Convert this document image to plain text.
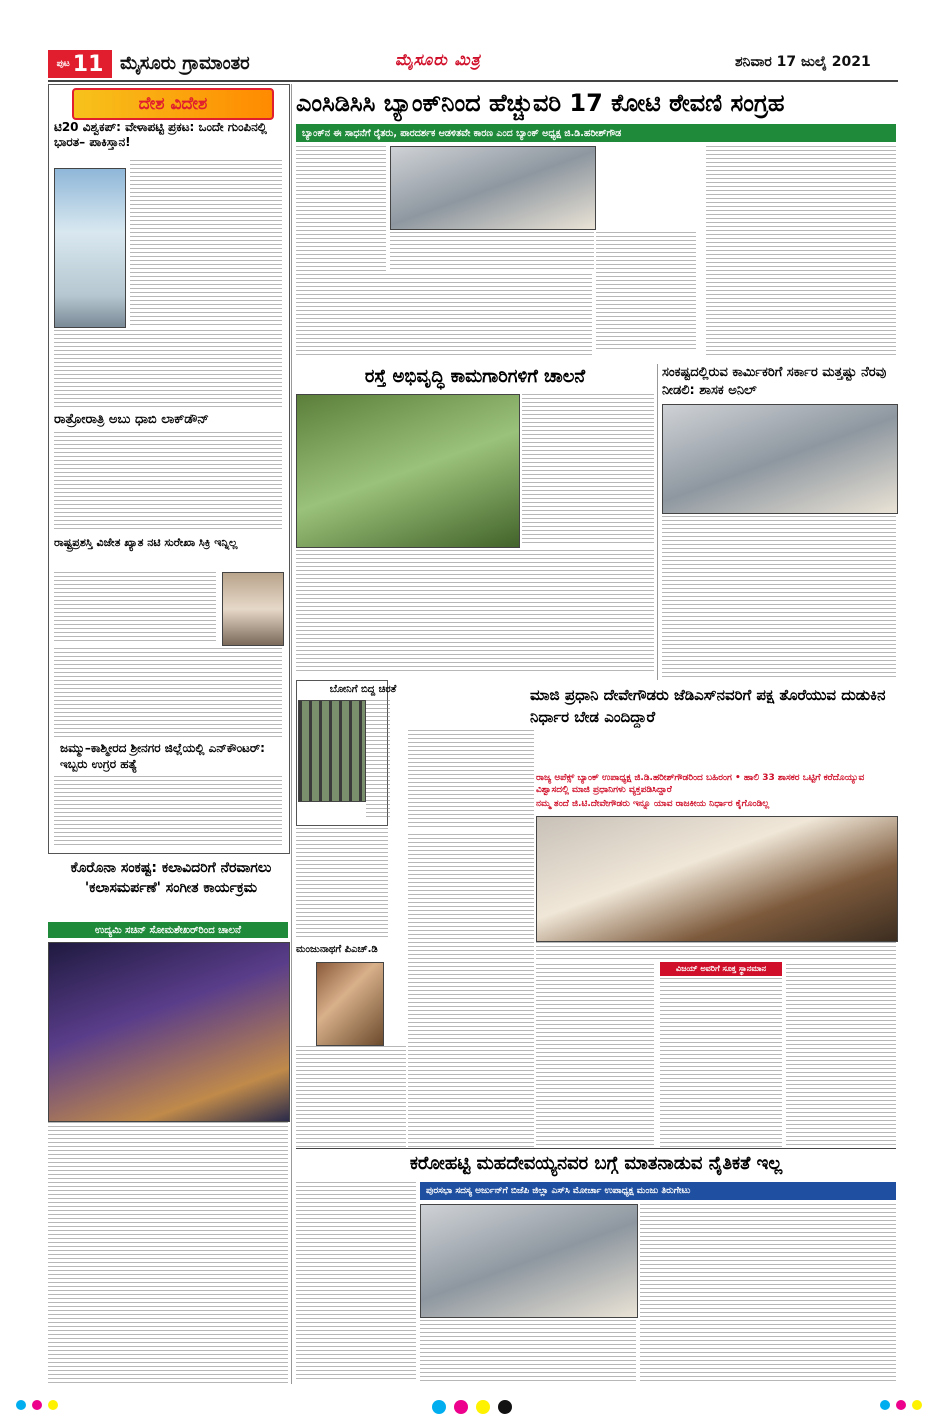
ಪುಟ 11 ಮೈಸೂರು ಗ್ರಾಮಾಂತರ	ಮೈಸೂರು ಮಿತ್ರ	ಶನಿವಾರ 17 ಜುಲೈ 2021
ದೇಶ ವಿದೇಶ
ಟಿ20 ವಿಶ್ವಕಪ್: ವೇಳಾಪಟ್ಟಿ ಪ್ರಕಟ: ಒಂದೇ ಗುಂಪಿನಲ್ಲಿ ಭಾರತ– ಪಾಕಿಸ್ತಾನ!
ರಾತ್ರೋರಾತ್ರಿ ಅಬು ಧಾಬಿ ಲಾಕ್‌ಡೌನ್
ರಾಷ್ಟ್ರಪ್ರಶಸ್ತಿ ವಿಜೇತ ಖ್ಯಾತ ನಟಿ ಸುರೇಖಾ ಸಿಕ್ರಿ ಇನ್ನಿಲ್ಲ
ಜಮ್ಮು–ಕಾಶ್ಮೀರದ ಶ್ರೀನಗರ ಜಿಲ್ಲೆಯಲ್ಲಿ ಎನ್‌ಕೌಂಟರ್: ಇಬ್ಬರು ಉಗ್ರರ ಹತ್ಯೆ
ಕೊರೊನಾ ಸಂಕಷ್ಟ: ಕಲಾವಿದರಿಗೆ ನೆರವಾಗಲು 'ಕಲಾಸಮರ್ಪಣೆ' ಸಂಗೀತ ಕಾರ್ಯಕ್ರಮ
ಉದ್ಯಮಿ ಸಚಿನ್ ಸೋಮಶೇಖರ್‌ರಿಂದ ಚಾಲನೆ
ಎಂಸಿಡಿಸಿಸಿ ಬ್ಯಾಂಕ್‌ನಿಂದ ಹೆಚ್ಚುವರಿ 17 ಕೋಟಿ ಠೇವಣಿ ಸಂಗ್ರಹ
ಬ್ಯಾಂಕ್‌ನ ಈ ಸಾಧನೆಗೆ ರೈತರು, ಪಾರದರ್ಶಕ ಆಡಳಿತವೇ ಕಾರಣ ಎಂದ ಬ್ಯಾಂಕ್ ಅಧ್ಯಕ್ಷ ಜಿ.ಡಿ.ಹರೀಶ್‌ಗೌಡ
ರಸ್ತೆ ಅಭಿವೃದ್ಧಿ ಕಾಮಗಾರಿಗಳಿಗೆ ಚಾಲನೆ	ಸಂಕಷ್ಟದಲ್ಲಿರುವ ಕಾರ್ಮಿಕರಿಗೆ ಸರ್ಕಾರ ಮತ್ತಷ್ಟು ನೆರವು ನೀಡಲಿ: ಶಾಸಕ ಅನಿಲ್
ಬೋನಿಗೆ ಬಿದ್ದ ಚಿರತೆ
ಮಂಜುನಾಥಗೆ ಪಿಎಚ್.ಡಿ
ಮಾಜಿ ಪ್ರಧಾನಿ ದೇವೇಗೌಡರು ಜೆಡಿಎಸ್‌ನವರಿಗೆ ಪಕ್ಷ ತೊರೆಯುವ ದುಡುಕಿನ ನಿರ್ಧಾರ ಬೇಡ ಎಂದಿದ್ದಾರೆ
ರಾಜ್ಯ ಅಪೆಕ್ಸ್ ಬ್ಯಾಂಕ್ ಉಪಾಧ್ಯಕ್ಷ ಜಿ.ಡಿ.ಹರೀಶ್‌ಗೌಡರಿಂದ ಬಹಿರಂಗ • ಹಾಲಿ 33 ಶಾಸಕರ ಒಟ್ಟಿಗೆ ಕರೆದೊಯ್ಯುವ ವಿಶ್ವಾಸದಲ್ಲಿ ಮಾಜಿ ಪ್ರಧಾನಿಗಳು ವ್ಯಕ್ತಪಡಿಸಿದ್ದಾರೆ
ನಮ್ಮ ತಂದೆ ಜಿ.ಟಿ.ದೇವೇಗೌಡರು ಇನ್ನೂ ಯಾವ ರಾಜಕೀಯ ನಿರ್ಧಾರ ಕೈಗೊಂಡಿಲ್ಲ
ವಿಜಯ್ ಅವರಿಗೆ ಸೂಕ್ತ ಸ್ಥಾನಮಾನ
ಕರೋಹಟ್ಟಿ ಮಹದೇವಯ್ಯನವರ ಬಗ್ಗೆ ಮಾತನಾಡುವ ನೈತಿಕತೆ ಇಲ್ಲ
ಪುರಸಭಾ ಸದಸ್ಯ ಅರ್ಜುನ್‌ಗೆ ಬಿಜೆಪಿ ಜಿಲ್ಲಾ ಎಸ್‌ಸಿ ಮೋರ್ಚಾ ಉಪಾಧ್ಯಕ್ಷ ಮಂಜು ತಿರುಗೇಟು
